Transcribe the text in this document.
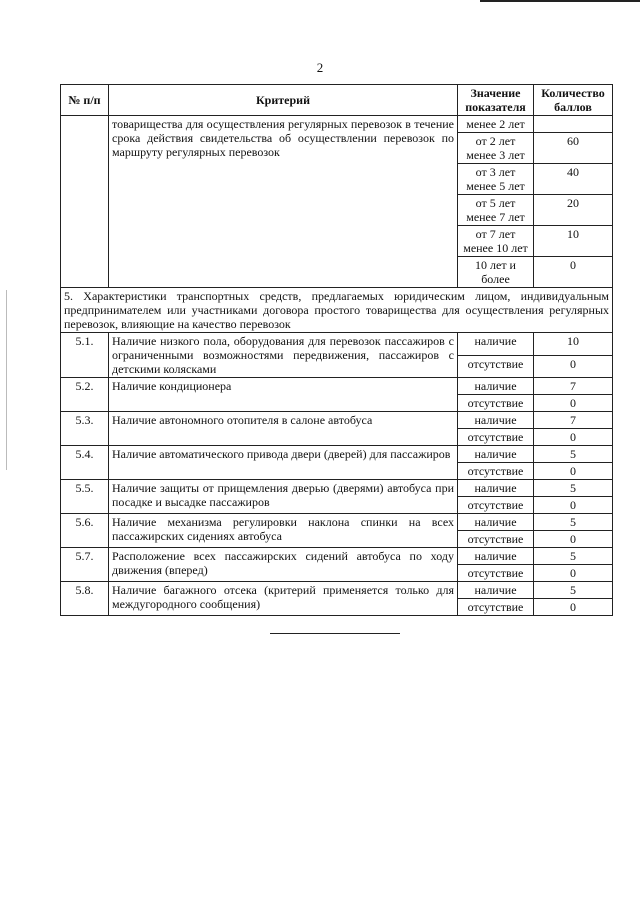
2
№ п/п	Критерий	Значение показателя	Количество баллов
	товарищества для осуществления регулярных перевозок в течение срока действия свидетельства об осуществлении перевозок по маршруту регулярных перевозок	менее 2 лет	
		от 2 лет менее 3 лет	60
		от 3 лет менее 5 лет	40
		от 5 лет менее 7 лет	20
		от 7 лет менее 10 лет	10
		10 лет и более	0
5. Характеристики транспортных средств, предлагаемых юридическим лицом, индивидуальным предпринимателем или участниками договора простого товарищества для осуществления регулярных перевозок, влияющие на качество перевозок			
5.1.	Наличие низкого пола, оборудования для перевозок пассажиров с ограниченными возможностями передвижения, пассажиров с детскими колясками	наличие	10
		отсутствие	0
5.2.	Наличие кондиционера	наличие	7
		отсутствие	0
5.3.	Наличие автономного отопителя в салоне автобуса	наличие	7
		отсутствие	0
5.4.	Наличие автоматического привода двери (дверей) для пассажиров	наличие	5
		отсутствие	0
5.5.	Наличие защиты от прищемления дверью (дверями) автобуса при посадке и высадке пассажиров	наличие	5
		отсутствие	0
5.6.	Наличие механизма регулировки наклона спинки на всех пассажирских сидениях автобуса	наличие	5
		отсутствие	0
5.7.	Расположение всех пассажирских сидений автобуса по ходу движения (вперед)	наличие	5
		отсутствие	0
5.8.	Наличие багажного отсека (критерий применяется только для междугородного сообщения)	наличие	5
		отсутствие	0
